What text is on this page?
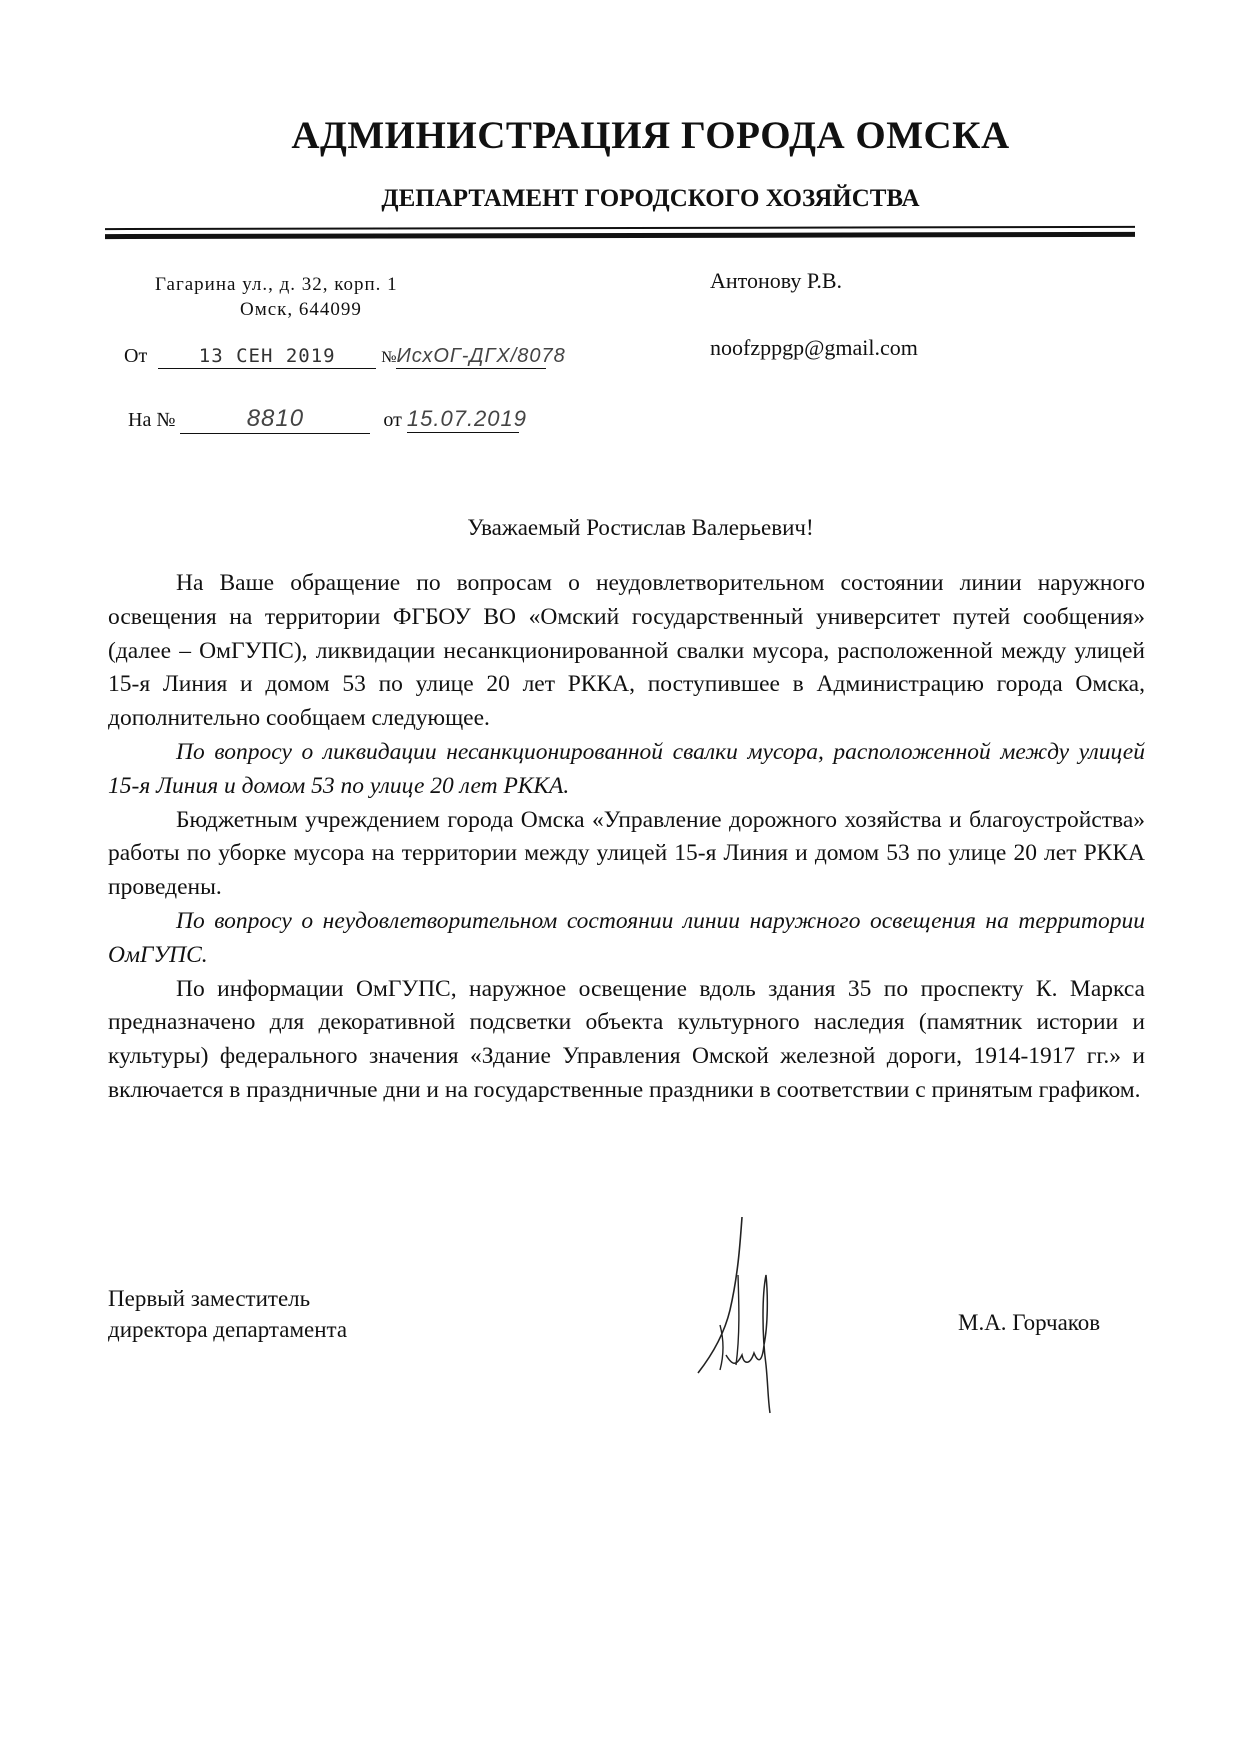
АДМИНИСТРАЦИЯ ГОРОДА ОМСКА
ДЕПАРТАМЕНТ ГОРОДСКОГО ХОЗЯЙСТВА
Гагарина ул., д. 32, корп. 1
Омск, 644099
От	13 СЕН 2019	№ИсхОГ-ДГХ/8078
На №	8810	от 15.07.2019
Антонову Р.В.
noofzppgp@gmail.com
Уважаемый Ростислав Валерьевич!

На Ваше обращение по вопросам о неудовлетворительном состоянии линии наружного освещения на территории ФГБОУ ВО «Омский государственный университет путей сообщения» (далее – ОмГУПС), ликвидации несанкционированной свалки мусора, расположенной между улицей 15-я Линия и домом 53 по улице 20 лет РККА, поступившее в Администрацию города Омска, дополнительно сообщаем следующее.

По вопросу о ликвидации несанкционированной свалки мусора, расположенной между улицей 15-я Линия и домом 53 по улице 20 лет РККА.

Бюджетным учреждением города Омска «Управление дорожного хозяйства и благоустройства» работы по уборке мусора на территории между улицей 15-я Линия и домом 53 по улице 20 лет РККА проведены.

По вопросу о неудовлетворительном состоянии линии наружного освещения на территории ОмГУПС.

По информации ОмГУПС, наружное освещение вдоль здания 35 по проспекту К. Маркса предназначено для декоративной подсветки объекта культурного наследия (памятник истории и культуры) федерального значения «Здание Управления Омской железной дороги, 1914-1917 гг.» и включается в праздничные дни и на государственные праздники в соответствии с принятым графиком.

Первый заместитель
директора департамента	М.А. Горчаков
